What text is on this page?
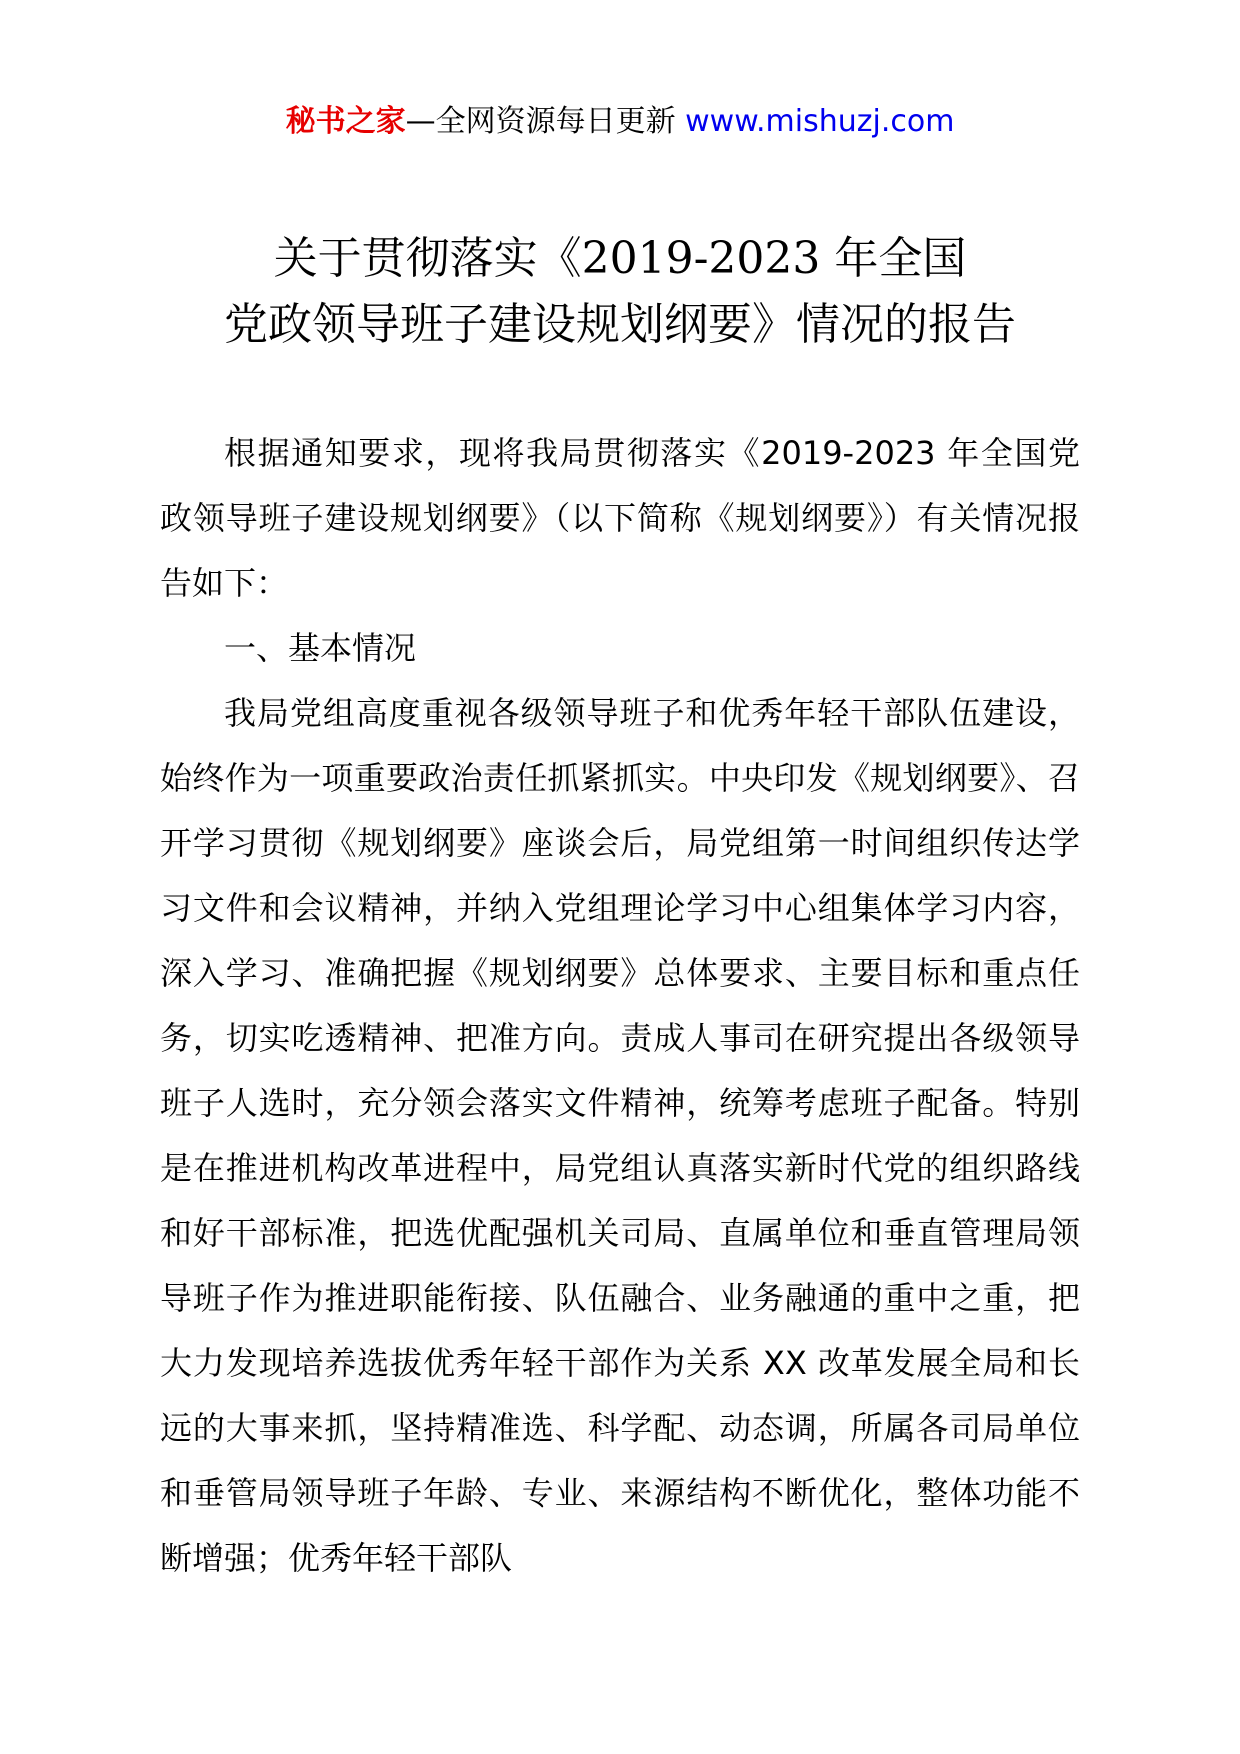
秘书之家—全网资源每日更新 www.mishuzj.com
关于贯彻落实《2019-2023 年全国
党政领导班子建设规划纲要》情况的报告

根据通知要求，现将我局贯彻落实《2019-2023 年全国党政领导班子建设规划纲要》（以下简称《规划纲要》）有关情况报告如下：

一、基本情况

我局党组高度重视各级领导班子和优秀年轻干部队伍建设，始终作为一项重要政治责任抓紧抓实。中央印发《规划纲要》、召开学习贯彻《规划纲要》座谈会后，局党组第一时间组织传达学习文件和会议精神，并纳入党组理论学习中心组集体学习内容，深入学习、准确把握《规划纲要》总体要求、主要目标和重点任务，切实吃透精神、把准方向。责成人事司在研究提出各级领导班子人选时，充分领会落实文件精神，统筹考虑班子配备。特别是在推进机构改革进程中，局党组认真落实新时代党的组织路线和好干部标准，把选优配强机关司局、直属单位和垂直管理局领导班子作为推进职能衔接、队伍融合、业务融通的重中之重，把大力发现培养选拔优秀年轻干部作为关系 XX 改革发展全局和长远的大事来抓，坚持精准选、科学配、动态调，所属各司局单位和垂管局领导班子年龄、专业、来源结构不断优化，整体功能不断增强；优秀年轻干部队
